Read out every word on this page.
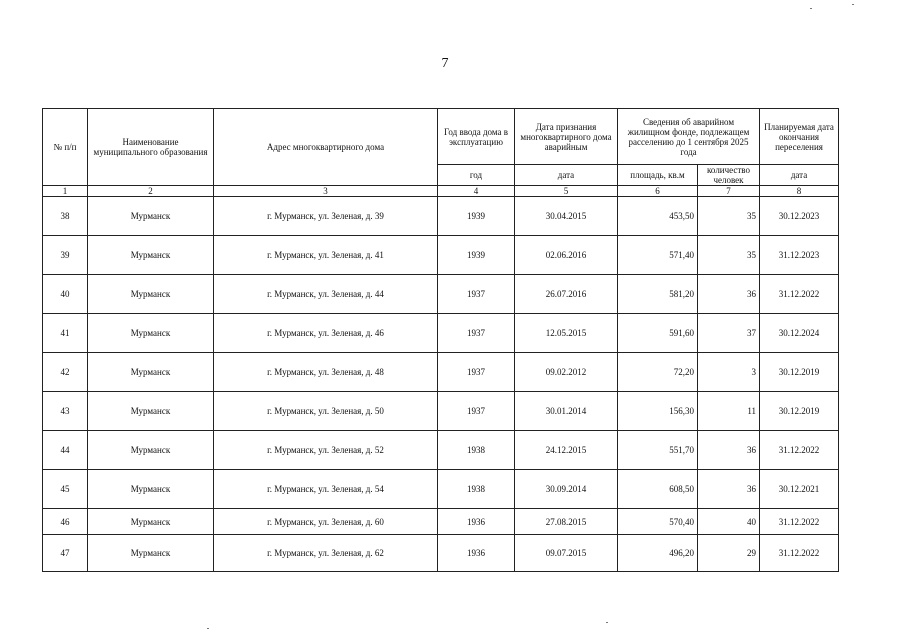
7
№ п/п	Наименование муниципального образования	Адрес многоквартирного дома	Год ввода дома в эксплуатацию	Дата признания многоквартирного дома аварийным	Сведения об аварийном жилищном фонде, подлежащем расселению до 1 сентября 2025 года		Планируемая дата окончания переселения
			год	дата	площадь, кв.м	количество человек	дата
1	2	3	4	5	6	7	8
38	Мурманск	г. Мурманск, ул. Зеленая, д. 39	1939	30.04.2015	453,50	35	30.12.2023
39	Мурманск	г. Мурманск, ул. Зеленая, д. 41	1939	02.06.2016	571,40	35	31.12.2023
40	Мурманск	г. Мурманск, ул. Зеленая, д. 44	1937	26.07.2016	581,20	36	31.12.2022
41	Мурманск	г. Мурманск, ул. Зеленая, д. 46	1937	12.05.2015	591,60	37	30.12.2024
42	Мурманск	г. Мурманск, ул. Зеленая, д. 48	1937	09.02.2012	72,20	3	30.12.2019
43	Мурманск	г. Мурманск, ул. Зеленая, д. 50	1937	30.01.2014	156,30	11	30.12.2019
44	Мурманск	г. Мурманск, ул. Зеленая, д. 52	1938	24.12.2015	551,70	36	31.12.2022
45	Мурманск	г. Мурманск, ул. Зеленая, д. 54	1938	30.09.2014	608,50	36	30.12.2021
46	Мурманск	г. Мурманск, ул. Зеленая, д. 60	1936	27.08.2015	570,40	40	31.12.2022
47	Мурманск	г. Мурманск, ул. Зеленая, д. 62	1936	09.07.2015	496,20	29	31.12.2022
